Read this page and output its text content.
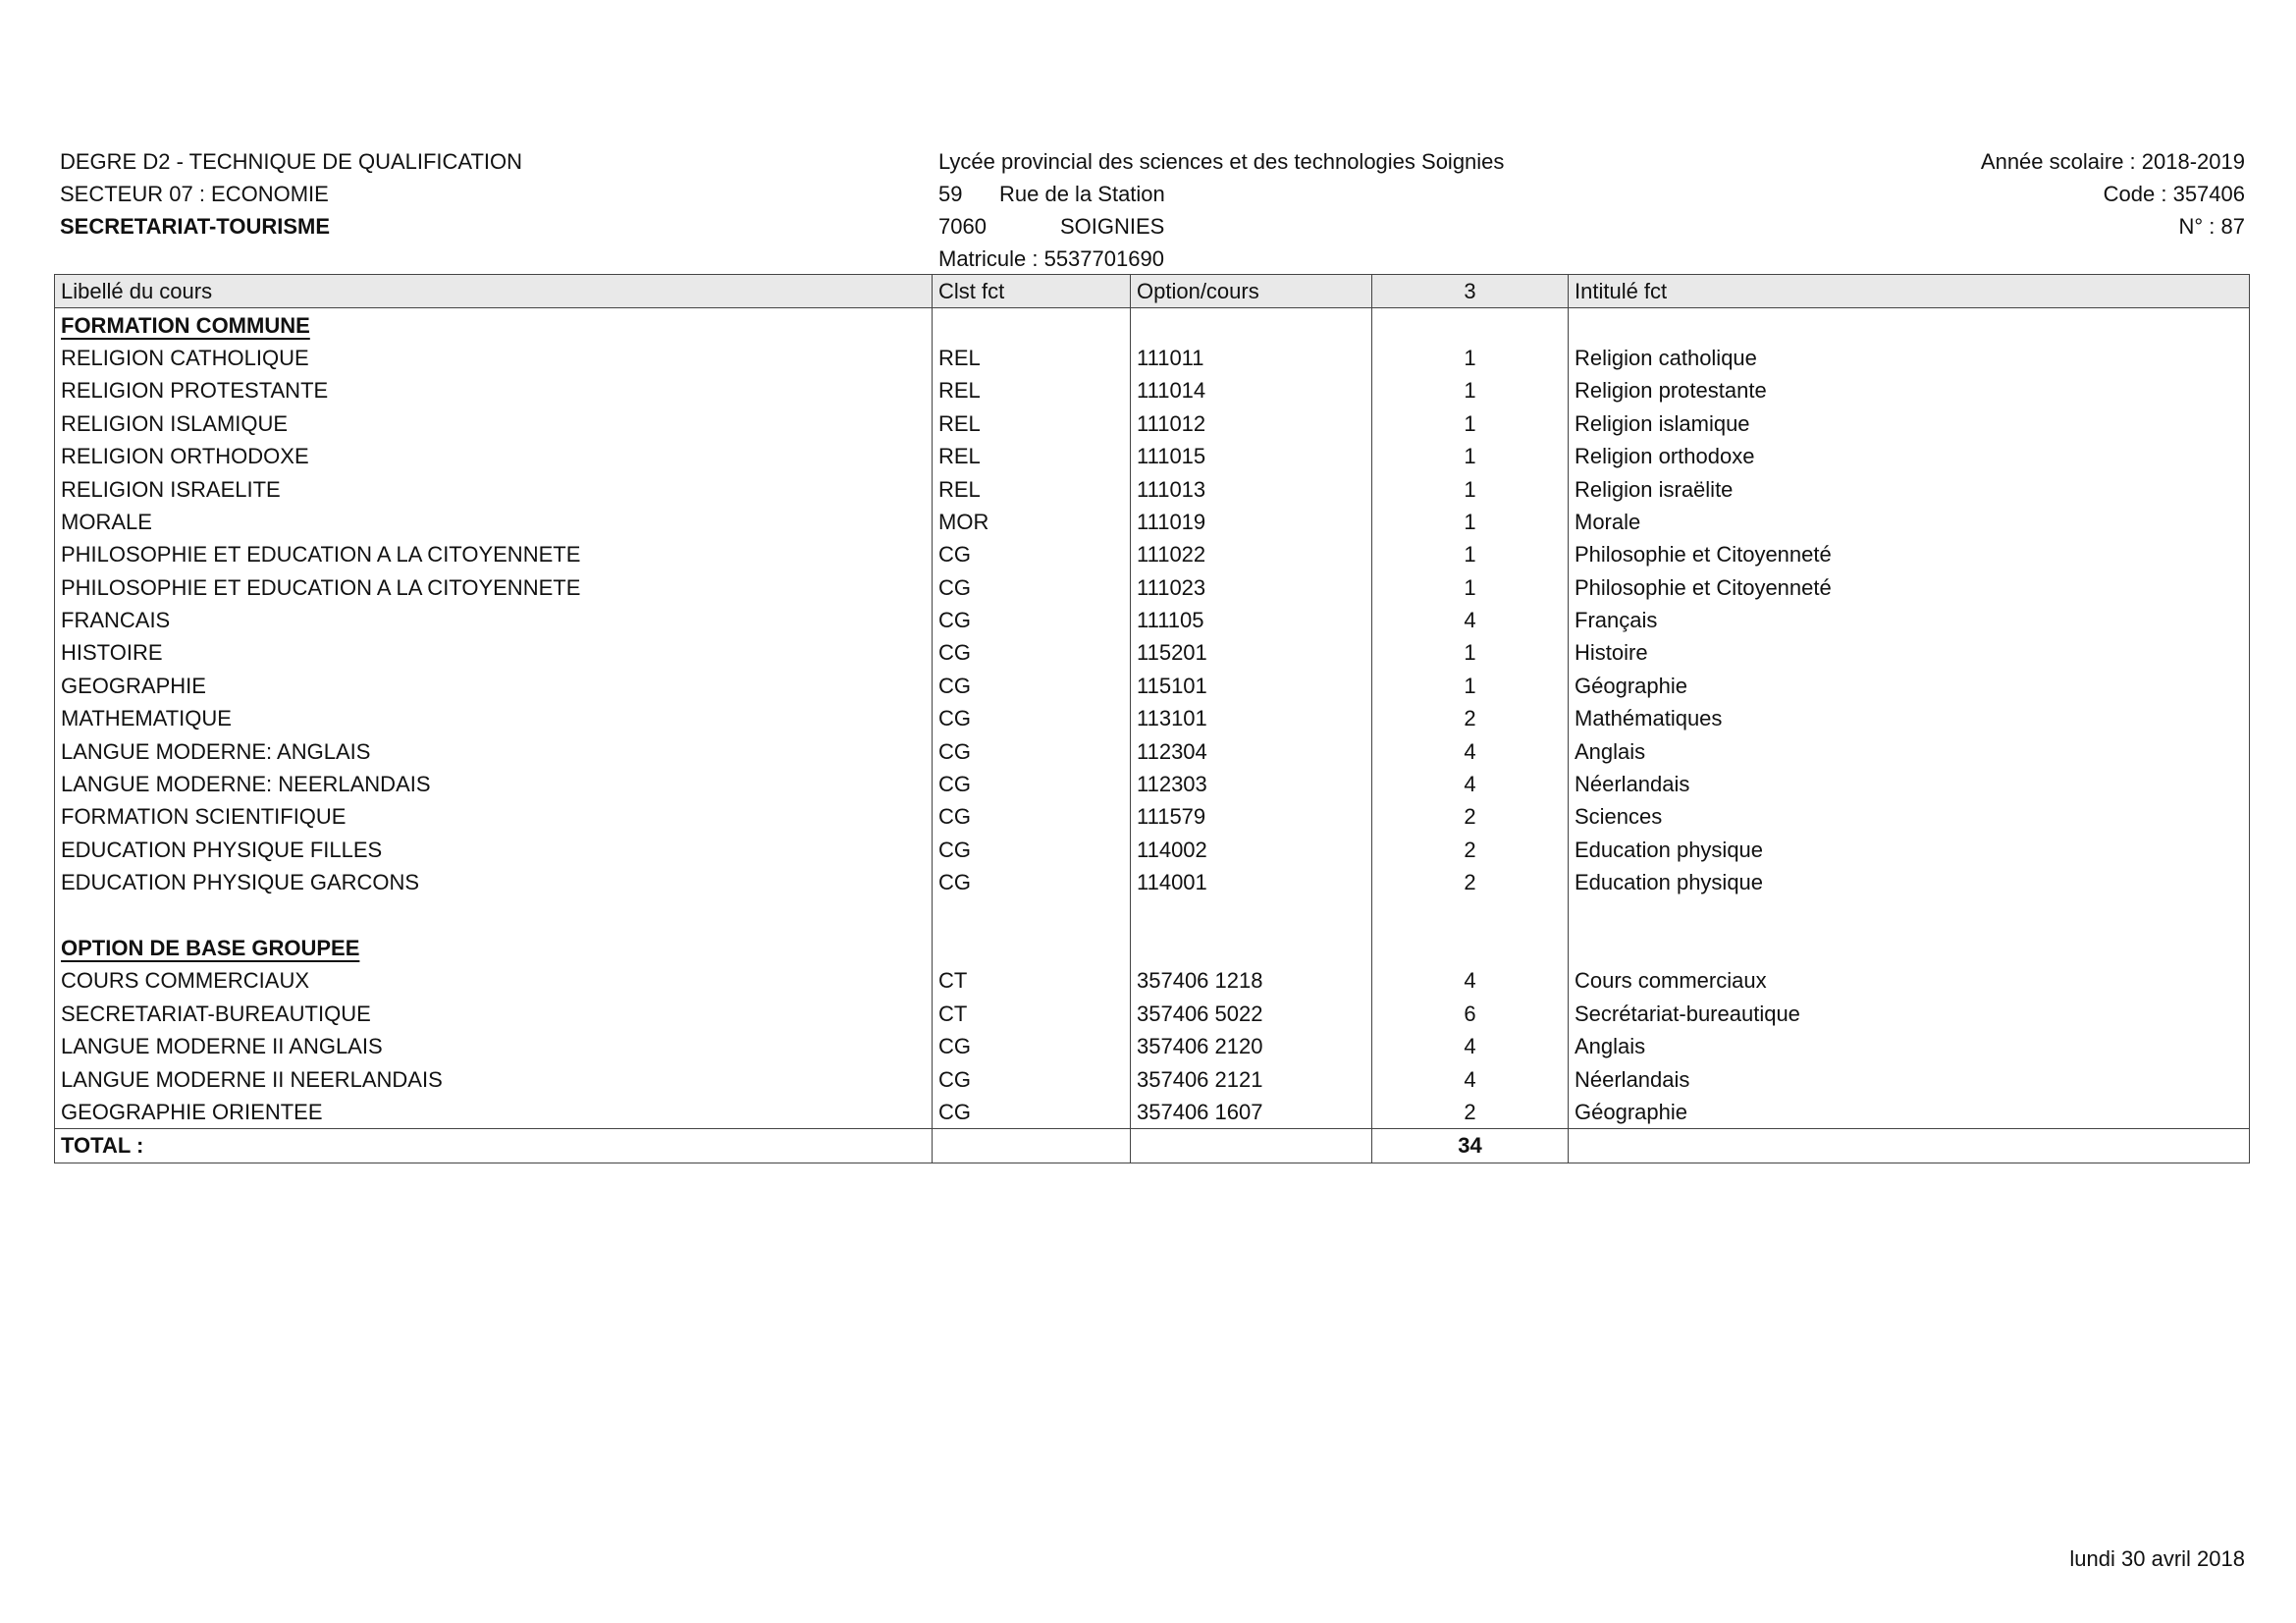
DEGRE D2 - TECHNIQUE DE QUALIFICATION
SECTEUR 07 : ECONOMIE
SECRETARIAT-TOURISME
Lycée provincial des sciences et des technologies Soignies
59 Rue de la Station
7060	SOIGNIES
Matricule : 5537701690
Année scolaire : 2018-2019
Code : 357406
N° : 87
Libellé du cours	Clst fct	Option/cours	3	Intitulé fct
FORMATION COMMUNE				
RELIGION CATHOLIQUE	REL	111011	1	Religion catholique
RELIGION PROTESTANTE	REL	111014	1	Religion protestante
RELIGION ISLAMIQUE	REL	111012	1	Religion islamique
RELIGION ORTHODOXE	REL	111015	1	Religion orthodoxe
RELIGION ISRAELITE	REL	111013	1	Religion israëlite
MORALE	MOR	111019	1	Morale
PHILOSOPHIE ET EDUCATION A LA CITOYENNETE	CG	111022	1	Philosophie et Citoyenneté
PHILOSOPHIE ET EDUCATION A LA CITOYENNETE	CG	111023	1	Philosophie et Citoyenneté
FRANCAIS	CG	111105	4	Français
HISTOIRE	CG	115201	1	Histoire
GEOGRAPHIE	CG	115101	1	Géographie
MATHEMATIQUE	CG	113101	2	Mathématiques
LANGUE MODERNE: ANGLAIS	CG	112304	4	Anglais
LANGUE MODERNE: NEERLANDAIS	CG	112303	4	Néerlandais
FORMATION SCIENTIFIQUE	CG	111579	2	Sciences
EDUCATION PHYSIQUE FILLES	CG	114002	2	Education physique
EDUCATION PHYSIQUE GARCONS	CG	114001	2	Education physique

OPTION DE BASE GROUPEE				
COURS COMMERCIAUX	CT	357406 1218	4	Cours commerciaux
SECRETARIAT-BUREAUTIQUE	CT	357406 5022	6	Secrétariat-bureautique
LANGUE MODERNE II ANGLAIS	CG	357406 2120	4	Anglais
LANGUE MODERNE II NEERLANDAIS	CG	357406 2121	4	Néerlandais
GEOGRAPHIE ORIENTEE	CG	357406 1607	2	Géographie
TOTAL :			34	
lundi 30 avril 2018
